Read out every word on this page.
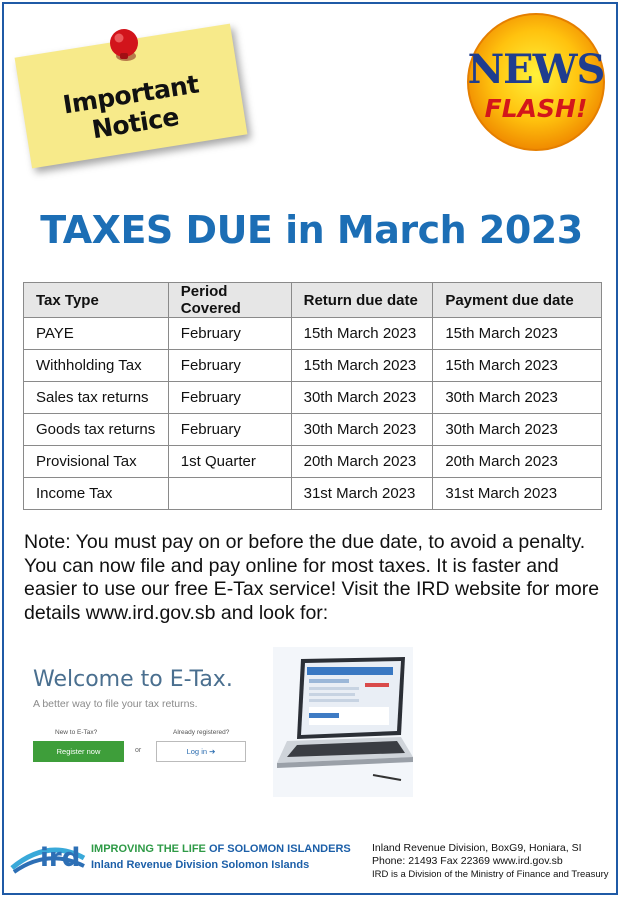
Important Notice
NEWS
FLASH!
TAXES DUE in March 2023
Tax Type	Period Covered	Return due date	Payment due date
PAYE	February	15th March 2023	15th March 2023
Withholding Tax	February	15th March 2023	15th March 2023
Sales tax returns	February	30th March 2023	30th March 2023
Goods tax returns	February	30th March 2023	30th March 2023
Provisional Tax	1st Quarter	20th March 2023	20th March 2023
Income Tax		31st March 2023	31st March 2023
Note: You must pay on or before the due date, to avoid a penalty. You can now file and pay online for most taxes. It is faster and easier to use our free E-Tax service! Visit the IRD website for more details www.ird.gov.sb and look for:
Welcome to E-Tax.
A better way to file your tax returns.
New to E-Tax?	Already registered?
Register now	or	Log in ➔
ird IMPROVING THE LIFE OF SOLOMON ISLANDERS
Inland Revenue Division Solomon Islands
Inland Revenue Division, BoxG9, Honiara, SI
Phone: 21493 Fax 22369 www.ird.gov.sb
IRD is a Division of the Ministry of Finance and Treasury
